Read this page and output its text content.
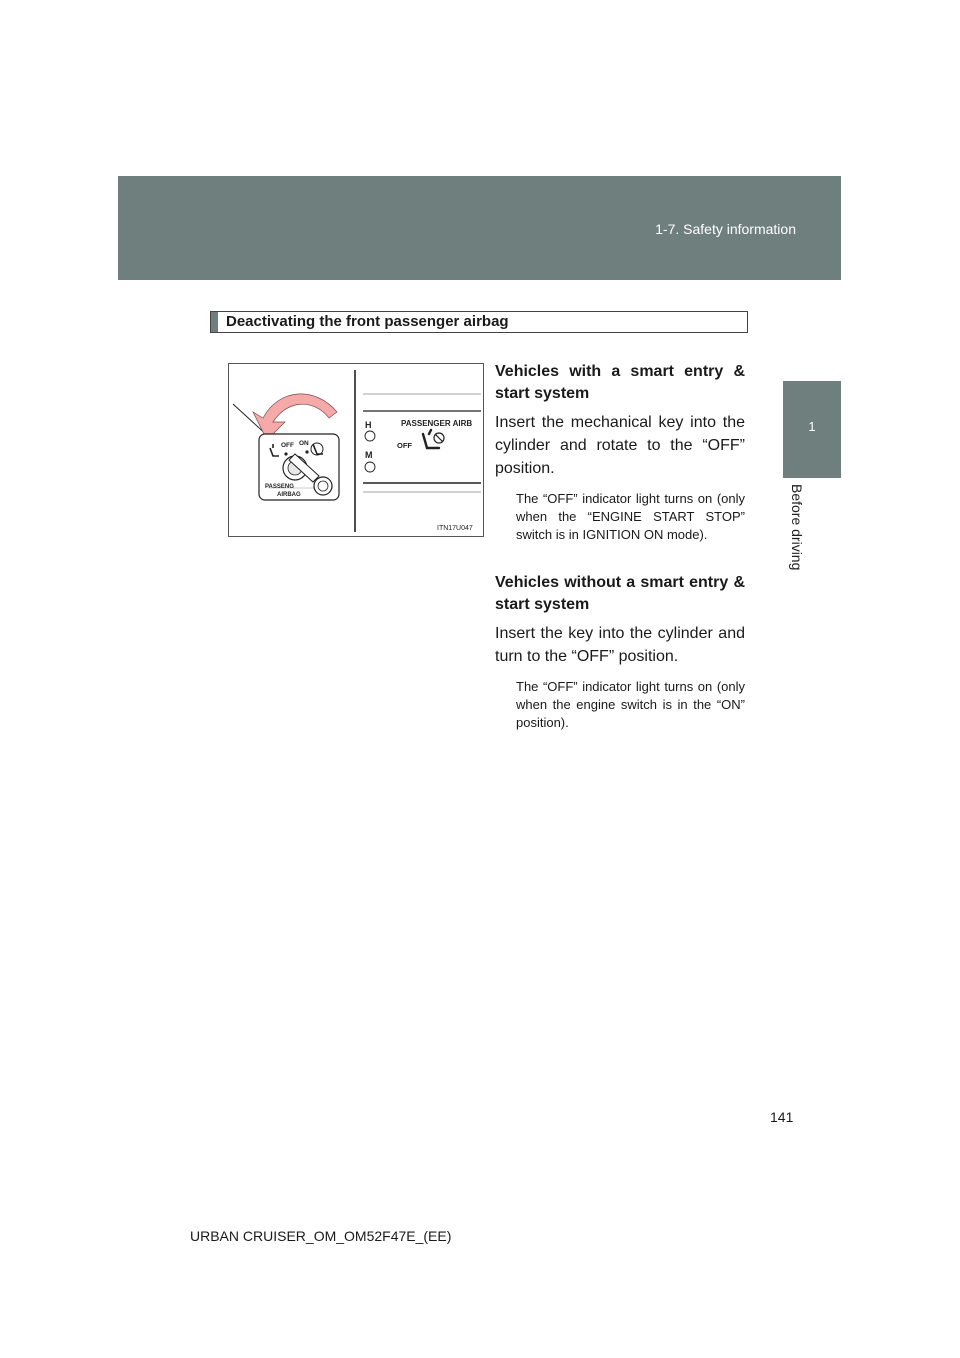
1-7. Safety information
1
Before driving
Deactivating the front passenger airbag
OFF ON
PASSENG
AIRBAG
H
M
PASSENGER AIRB
OFF
ITN17U047

Vehicles with a smart entry & start system

Insert the mechanical key into the cylinder and rotate to the “OFF” position.

The “OFF” indicator light turns on (only when the “ENGINE START STOP” switch is in IGNITION ON mode).

Vehicles without a smart entry & start system

Insert the key into the cylinder and turn to the “OFF” position.

The “OFF” indicator light turns on (only when the engine switch is in the “ON” position).

141
URBAN CRUISER_OM_OM52F47E_(EE)
